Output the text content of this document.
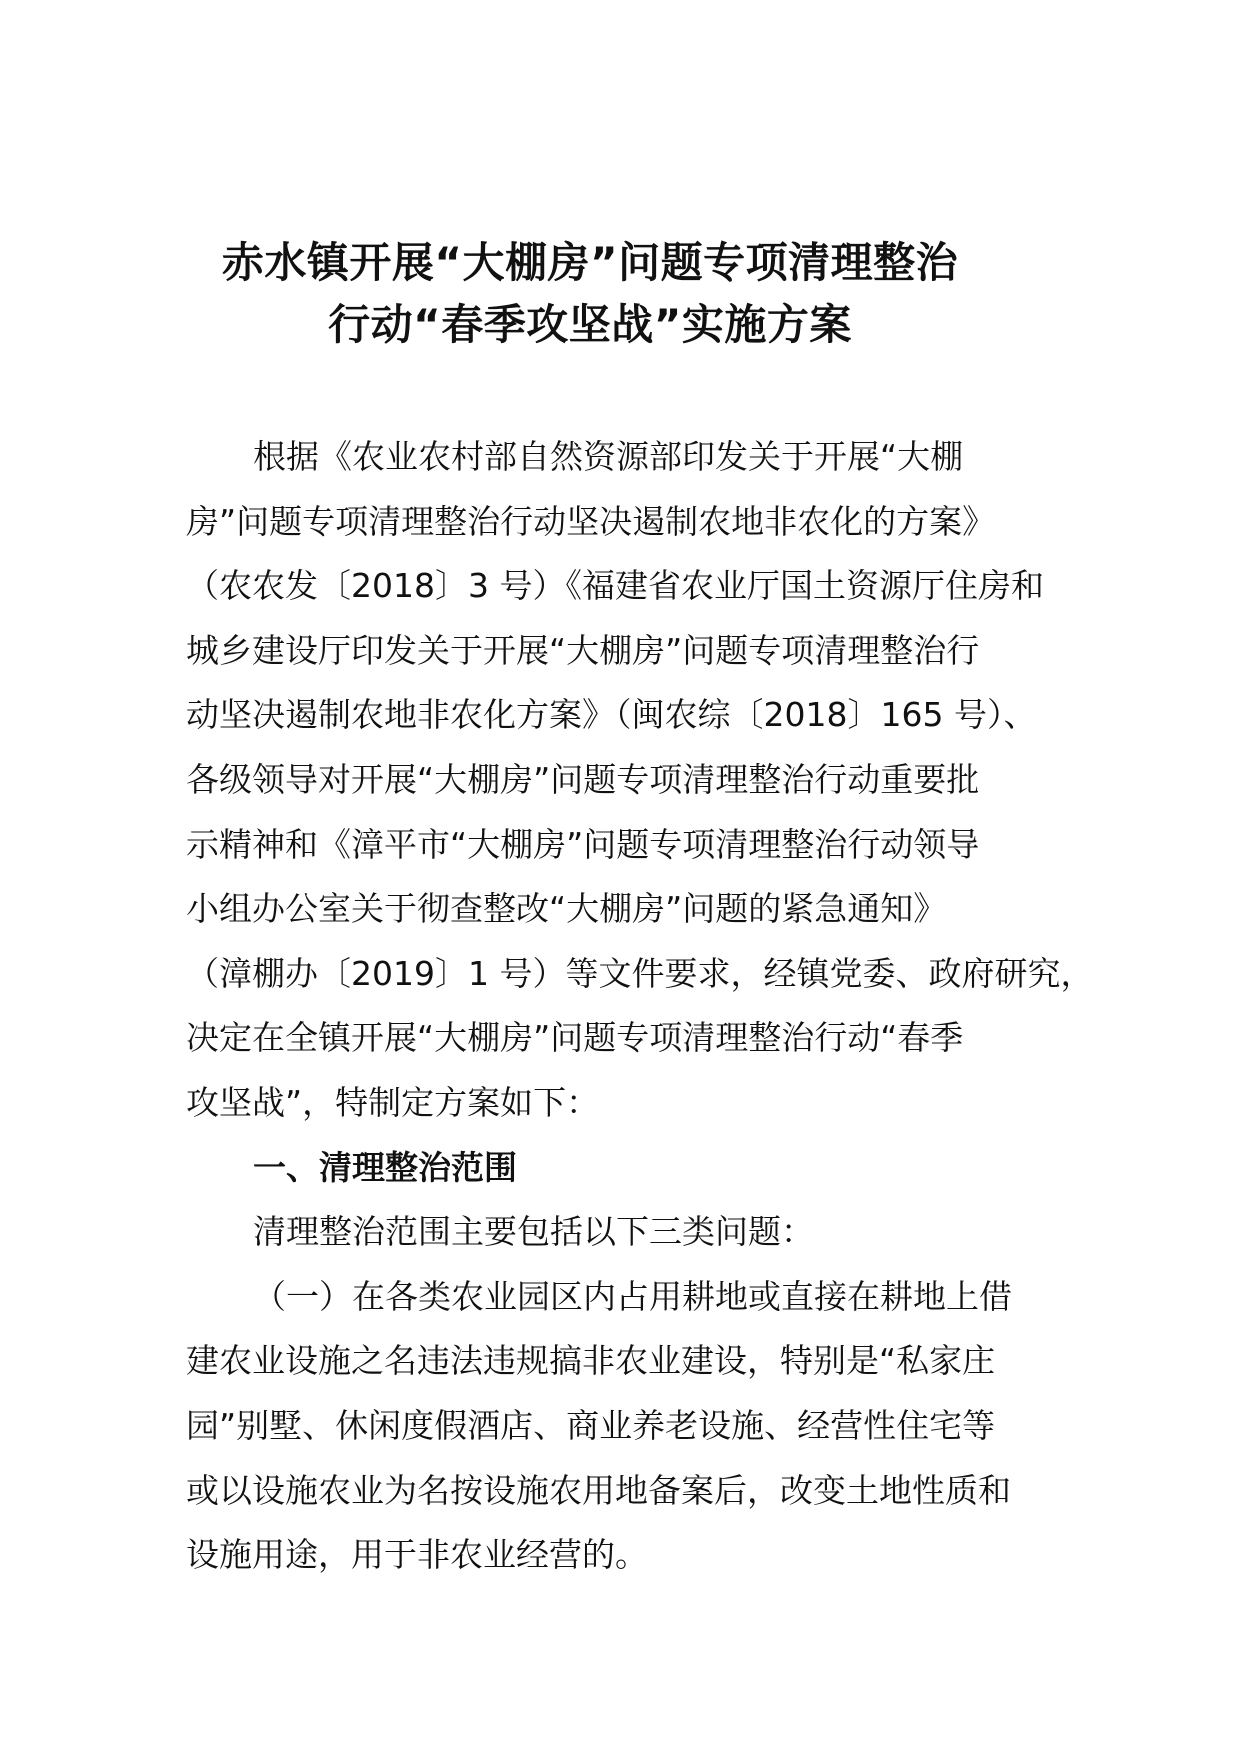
赤水镇开展“大棚房”问题专项清理整治
行动“春季攻坚战”实施方案
根据《农业农村部自然资源部印发关于开展“大棚
房”问题专项清理整治行动坚决遏制农地非农化的方案》
（农农发〔2018〕3 号）《福建省农业厅国土资源厅住房和
城乡建设厅印发关于开展“大棚房”问题专项清理整治行
动坚决遏制农地非农化方案》（闽农综〔2018〕165 号）、
各级领导对开展“大棚房”问题专项清理整治行动重要批
示精神和《漳平市“大棚房”问题专项清理整治行动领导
小组办公室关于彻查整改“大棚房”问题的紧急通知》
（漳棚办〔2019〕1 号）等文件要求，经镇党委、政府研究，
决定在全镇开展“大棚房”问题专项清理整治行动“春季
攻坚战”，特制定方案如下：
一、清理整治范围
清理整治范围主要包括以下三类问题：
（一）在各类农业园区内占用耕地或直接在耕地上借
建农业设施之名违法违规搞非农业建设，特别是“私家庄
园”别墅、休闲度假酒店、商业养老设施、经营性住宅等
或以设施农业为名按设施农用地备案后，改变土地性质和
设施用途，用于非农业经营的。
